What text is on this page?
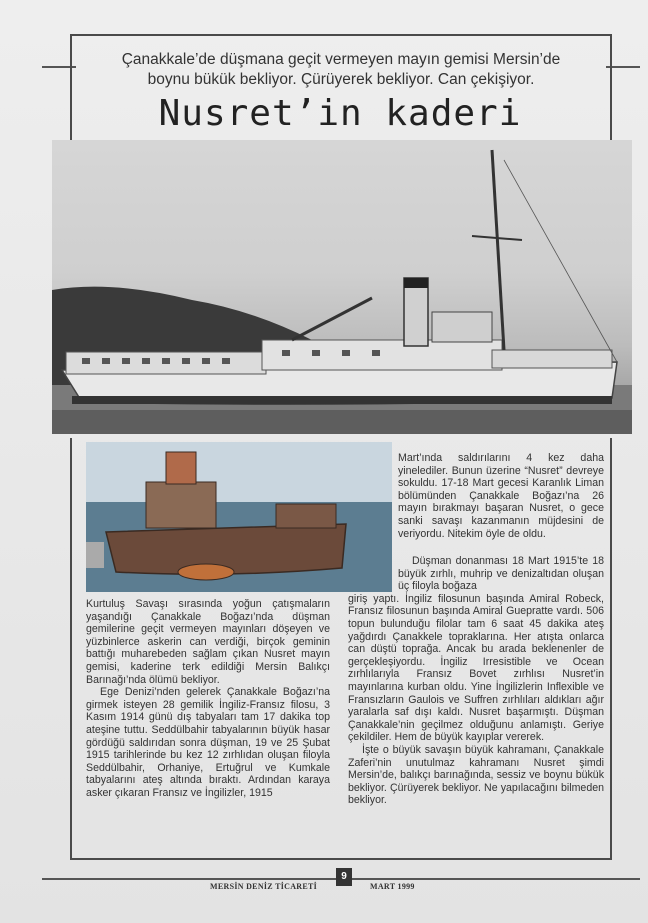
Çanakkale’de düşmana geçit vermeyen mayın gemisi Mersin’de
boynu bükük bekliyor. Çürüyerek bekliyor. Can çekişiyor.
Nusret’in kaderi

Mart’ında saldırılarını 4 kez daha yinelediler. Bunun üzerine “Nusret” devreye sokuldu. 17-18 Mart gecesi Karanlık Liman bölümünden Çanakkale Boğazı’na 26 mayın bırakmayı başaran Nusret, o gece sanki savaşı kazanmanın müjdesini de veriyordu. Nitekim öyle de oldu.

Kurtuluş Savaşı sırasında yoğun çatışmaların yaşandığı Çanakkale Boğazı’nda düşman gemilerine geçit vermeyen mayınları döşeyen ve yüzbinlerce askerin can verdiği, birçok geminin battığı muharebeden sağlam çıkan Nusret mayın gemisi, kaderine terk edildiği Mersin Balıkçı Barınağı’nda ölümü bekliyor.

Ege Denizi’nden gelerek Çanakkale Boğazı’na girmek isteyen 28 gemilik İngiliz-Fransız filosu, 3 Kasım 1914 günü dış tabyaları tam 17 dakika top ateşine tuttu. Seddülbahir tabyalarının büyük hasar gördüğü saldırıdan sonra düşman, 19 ve 25 Şubat 1915 tarihlerinde bu kez 12 zırhlıdan oluşan filoyla Seddülbahir, Orhaniye, Ertuğrul ve Kumkale tabyalarını ateş altında bıraktı. Ardından karaya asker çıkaran Fransız ve İngilizler, 1915

Düşman donanması 18 Mart 1915’te 18 büyük zırhlı, muhrip ve denizaltıdan oluşan üç filoyla boğaza

giriş yaptı. İngiliz filosunun başında Amiral Robeck, Fransız filosunun başında Amiral Guepratte vardı. 506 topun bulunduğu filolar tam 6 saat 45 dakika ateş yağdırdı Çanakkele topraklarına. Her atışta onlarca can düştü toprağa. Ancak bu arada beklenenler de gerçekleşiyordu. İngiliz Irresistible ve Ocean zırhlılarıyla Fransız Bovet zırhlısı Nusret’in mayınlarına kurban oldu. Yine İngilizlerin Inflexible ve Fransızların Gaulois ve Suffren zırhlıları aldıkları ağır yaralarla saf dışı kaldı. Nusret başarmıştı. Düşman Çanakkale’nin geçilmez olduğunu anlamıştı. Geriye çekildiler. Hem de büyük kayıplar vererek.

İşte o büyük savaşın büyük kahramanı, Çanakkale Zaferi’nin unutulmaz kahramanı Nusret şimdi Mersin’de, balıkçı barınağında, sessiz ve boynu bükük bekliyor. Çürüyerek bekliyor. Ne yapılacağını bilmeden bekliyor.

MERSİN DENİZ TİCARETİ
9
MART 1999
